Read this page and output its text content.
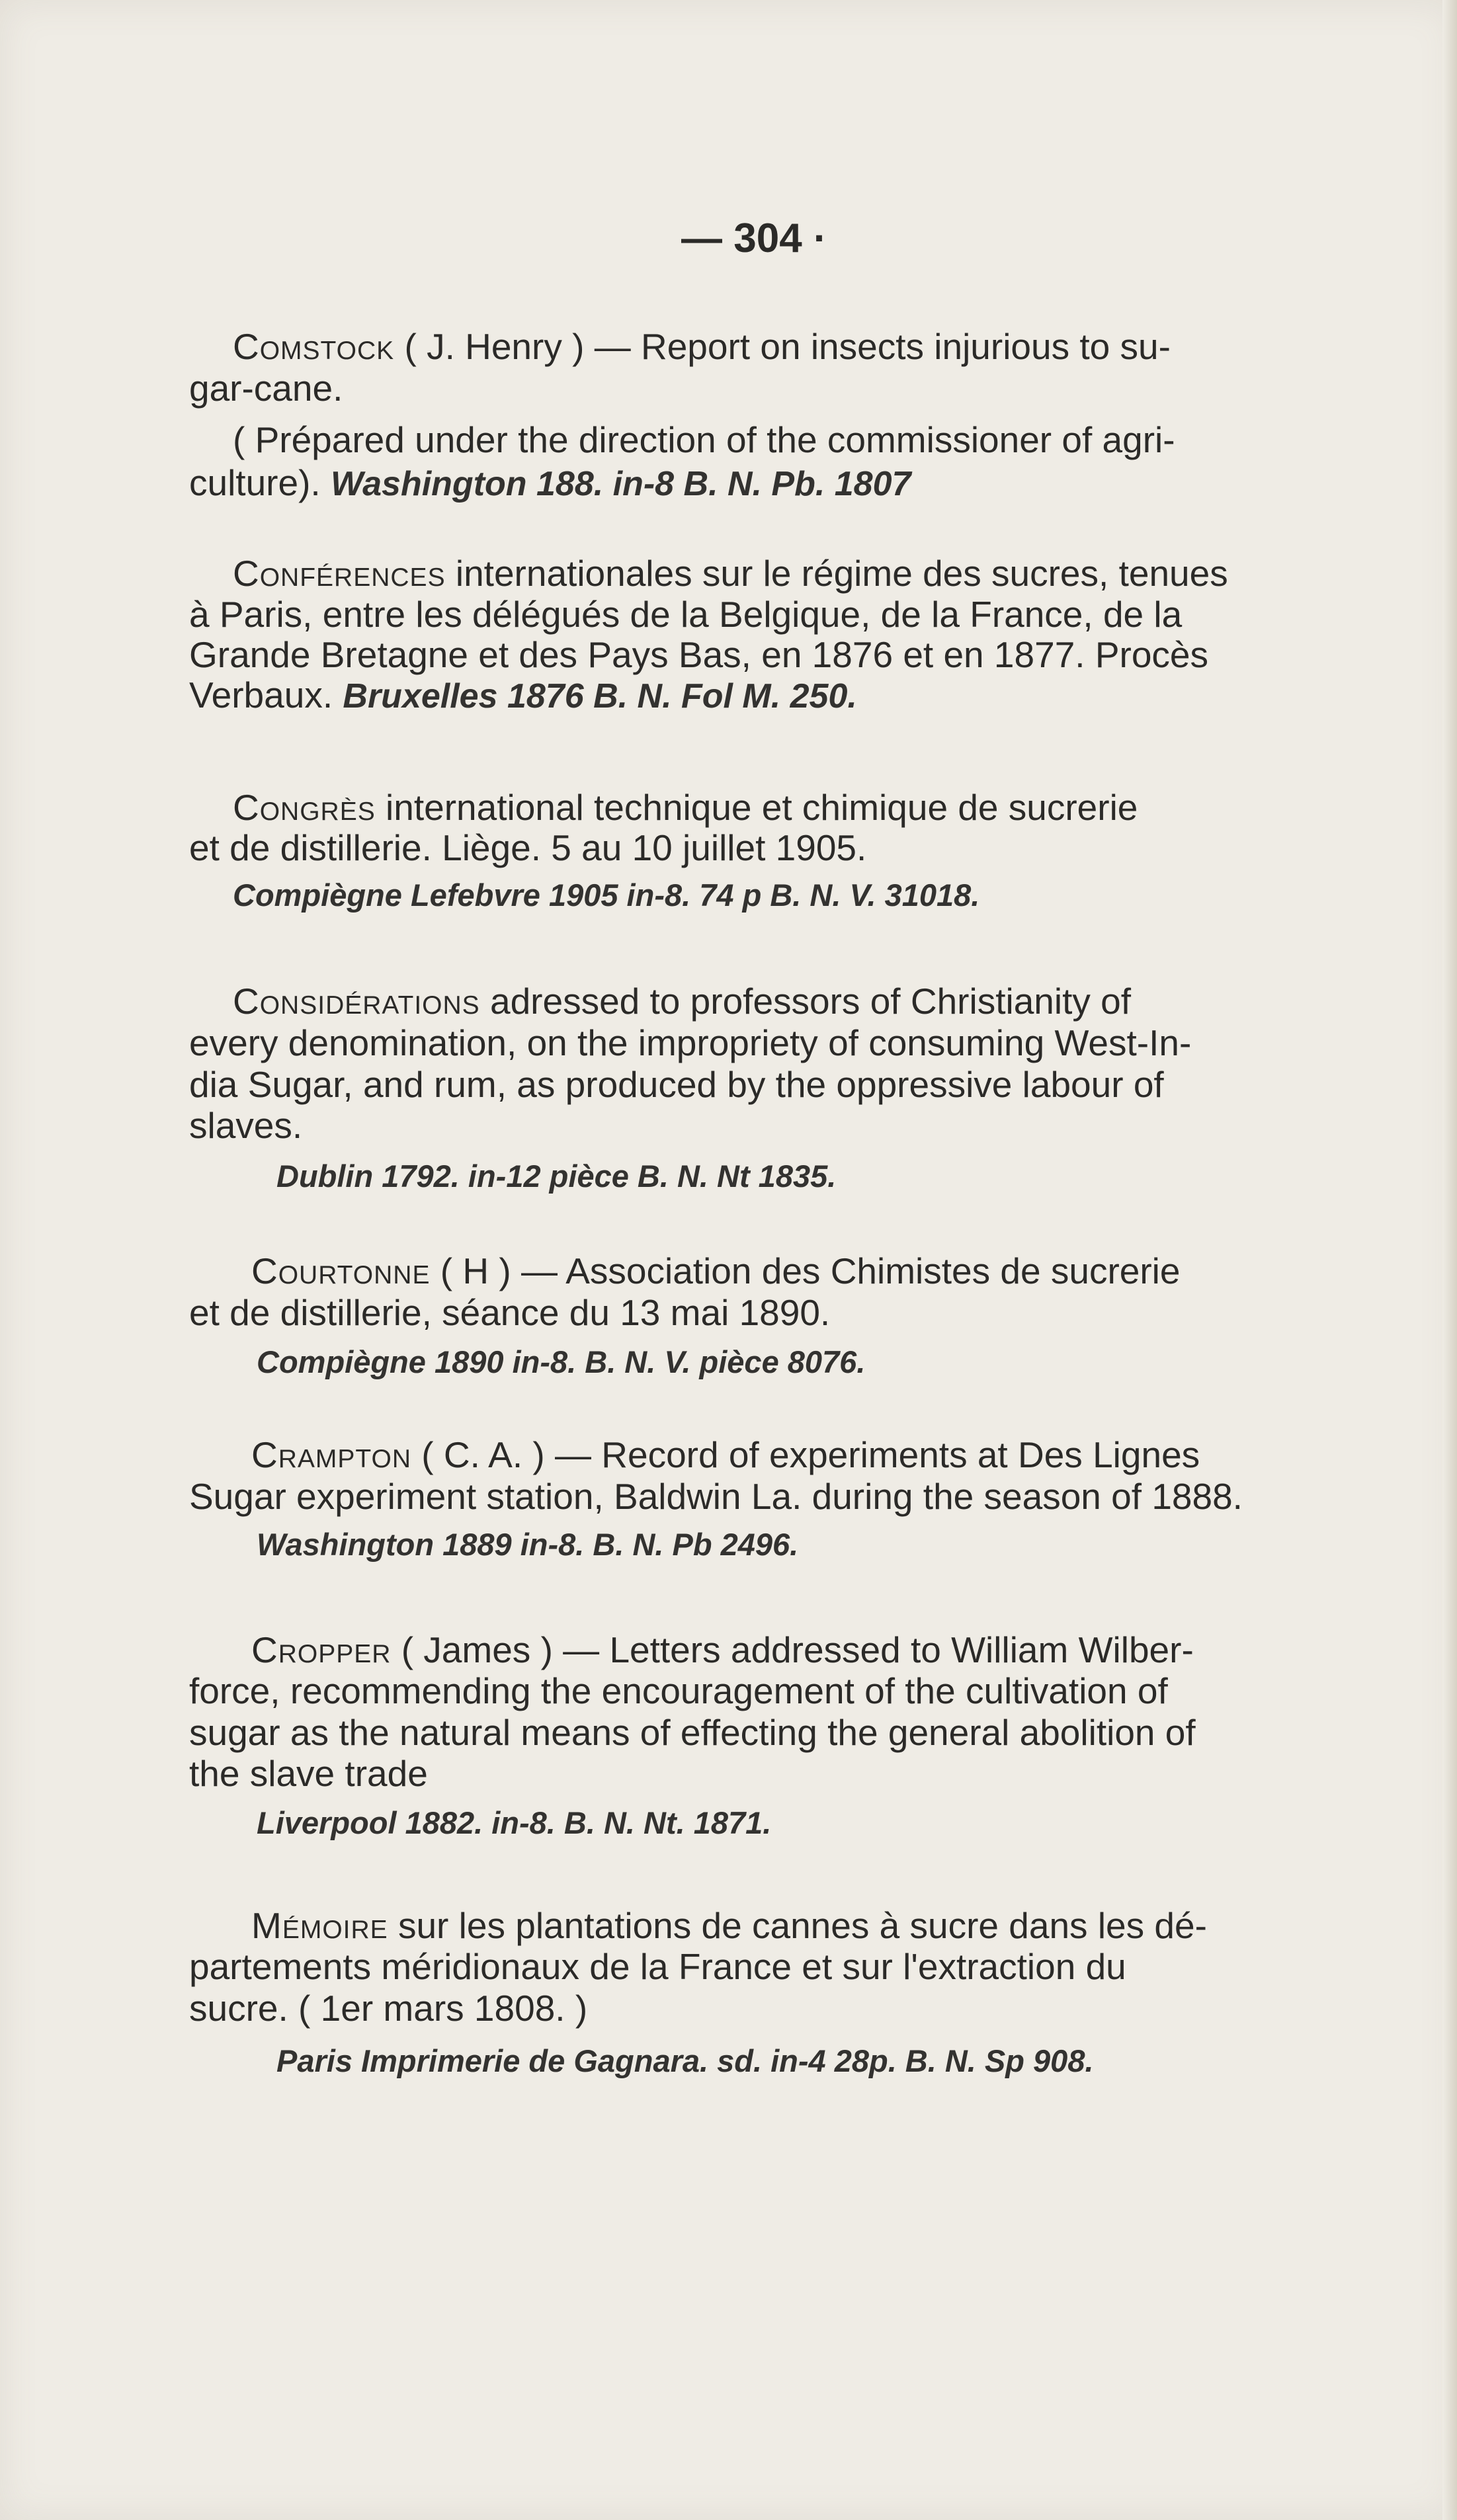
— 304 ·
Comstock ( J. Henry ) — Report on insects injurious to su-
gar-cane.
( Prépared under the direction of the commissioner of agri-
culture). Washington 188. in-8 B. N. Pb. 1807
Conférences internationales sur le régime des sucres, tenues
à Paris, entre les délégués de la Belgique, de la France, de la
Grande Bretagne et des Pays Bas, en 1876 et en 1877. Procès
Verbaux. Bruxelles 1876 B. N. Fol M. 250.
Congrès international technique et chimique de sucrerie
et de distillerie. Liège. 5 au 10 juillet 1905.
Compiègne Lefebvre 1905 in-8. 74 p B. N. V. 31018.
Considérations adressed to professors of Christianity of
every denomination, on the impropriety of consuming West-In-
dia Sugar, and rum, as produced by the oppressive labour of
slaves.
Dublin 1792. in-12 pièce B. N. Nt 1835.
Courtonne ( H ) — Association des Chimistes de sucrerie
et de distillerie, séance du 13 mai 1890.
Compiègne 1890 in-8. B. N. V. pièce 8076.
Crampton ( C. A. ) — Record of experiments at Des Lignes
Sugar experiment station, Baldwin La. during the season of 1888.
Washington 1889 in-8. B. N. Pb 2496.
Cropper ( James ) — Letters addressed to William Wilber-
force, recommending the encouragement of the cultivation of
sugar as the natural means of effecting the general abolition of
the slave trade
Liverpool 1882. in-8. B. N. Nt. 1871.
Mémoire sur les plantations de cannes à sucre dans les dé-
partements méridionaux de la France et sur l'extraction du
sucre. ( 1er mars 1808. )
Paris Imprimerie de Gagnara. sd. in-4 28p. B. N. Sp 908.
